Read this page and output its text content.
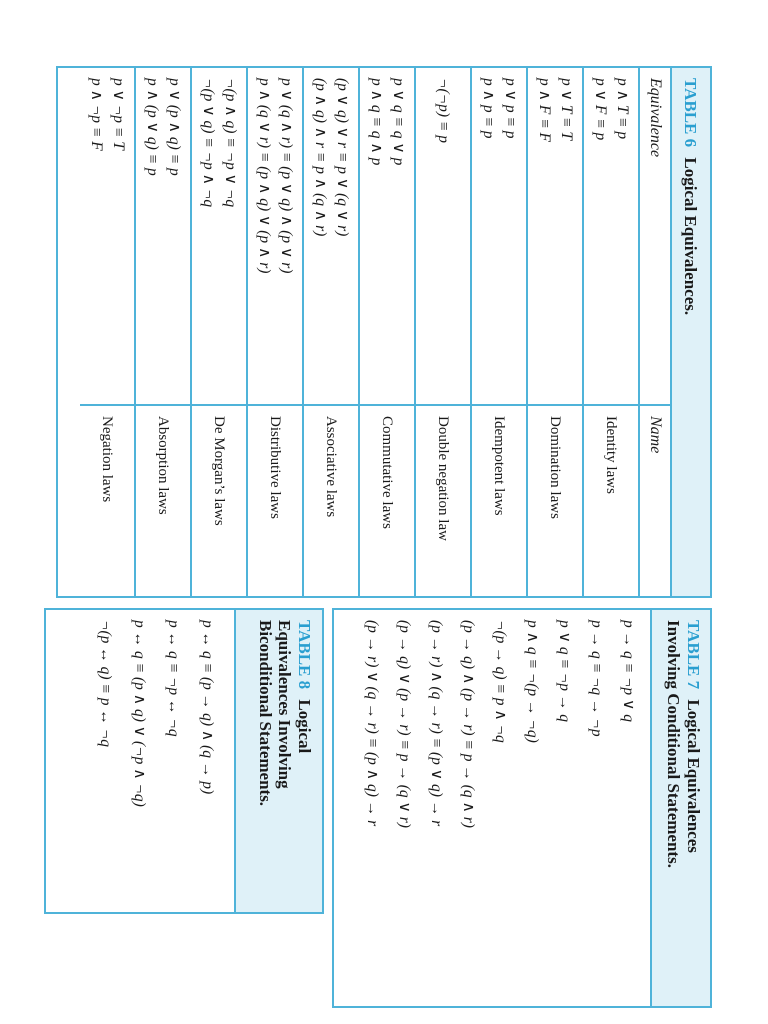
TABLE 6 Logical Equivalences.
Equivalence	Name

p ∧ T ≡ p
p ∨ F ≡ p	Identity laws

p ∨ T ≡ T
p ∧ F ≡ F	Domination laws

p ∨ p ≡ p
p ∧ p ≡ p	Idempotent laws

¬(¬p) ≡ p	Double negation law

p ∨ q ≡ q ∨ p
p ∧ q ≡ q ∧ p	Commutative laws

(p ∨ q) ∨ r ≡ p ∨ (q ∨ r)
(p ∧ q) ∧ r ≡ p ∧ (q ∧ r)	Associative laws

p ∨ (q ∧ r) ≡ (p ∨ q) ∧ (p ∨ r)
p ∧ (q ∨ r) ≡ (p ∧ q) ∨ (p ∧ r)	Distributive laws

¬(p ∧ q) ≡ ¬p ∨ ¬q
¬(p ∨ q) ≡ ¬p ∧ ¬q	De Morgan’s laws

p ∨ (p ∧ q) ≡ p
p ∧ (p ∨ q) ≡ p	Absorption laws

p ∨ ¬p ≡ T
p ∧ ¬p ≡ F	Negation laws
TABLE 7 Logical Equivalences
Involving Conditional Statements.
p → q ≡ ¬p ∨ q
p → q ≡ ¬q → ¬p
p ∨ q ≡ ¬p → q
p ∧ q ≡ ¬(p → ¬q)
¬(p → q) ≡ p ∧ ¬q
(p → q) ∧ (p → r) ≡ p → (q ∧ r)
(p → r) ∧ (q → r) ≡ (p ∨ q) → r
(p → q) ∨ (p → r) ≡ p → (q ∨ r)
(p → r) ∨ (q → r) ≡ (p ∧ q) → r
TABLE 8 Logical
Equivalences Involving
Biconditional Statements.
p ↔ q ≡ (p → q) ∧ (q → p)
p ↔ q ≡ ¬p ↔ ¬q
p ↔ q ≡ (p ∧ q) ∨ (¬p ∧ ¬q)
¬(p ↔ q) ≡ p ↔ ¬q
